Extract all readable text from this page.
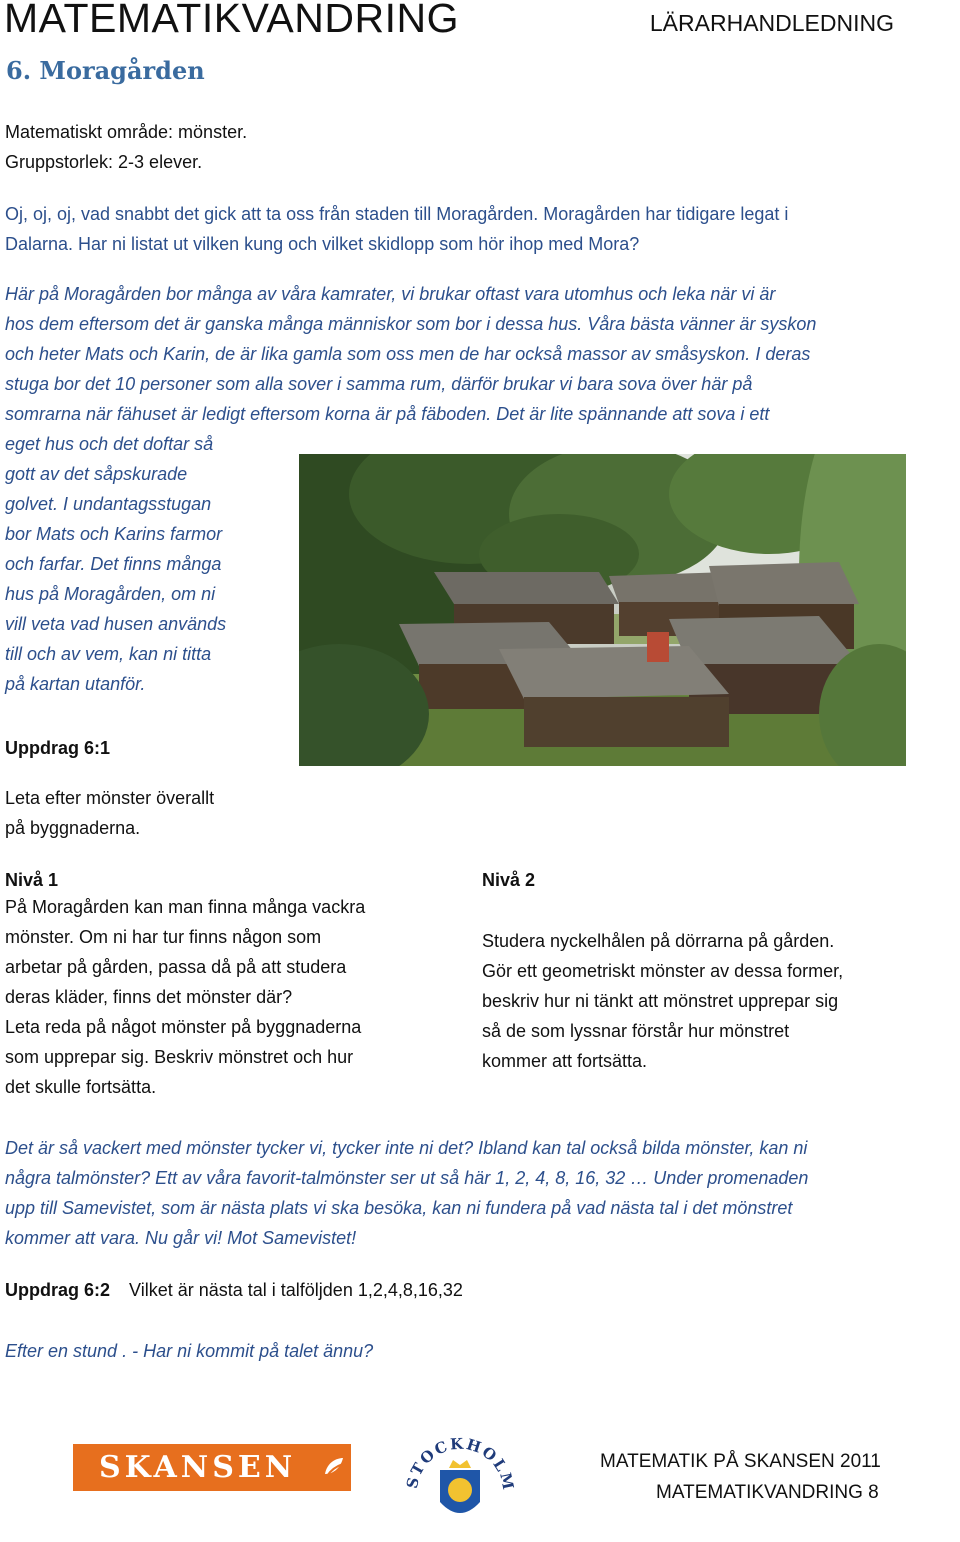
MATEMATIKVANDRING	LÄRARHANDLEDNING
6. Moragården

Matematiskt område: mönster.

Gruppstorlek: 2-3 elever.

Oj, oj, oj, vad snabbt det gick att ta oss från staden till Moragården. Moragården har tidigare legat i

Dalarna. Har ni listat ut vilken kung och vilket skidlopp som hör ihop med Mora?

Här på Moragården bor många av våra kamrater, vi brukar oftast vara utomhus och leka när vi är

hos dem eftersom det är ganska många människor som bor i dessa hus. Våra bästa vänner är syskon

och heter Mats och Karin, de är lika gamla som oss men de har också massor av småsyskon. I deras

stuga bor det 10 personer som alla sover i samma rum, därför brukar vi bara sova över här på

somrarna när fähuset är ledigt eftersom korna är på fäboden. Det är lite spännande att sova i ett

eget hus och det doftar så

gott av det såpskurade

golvet. I undantagsstugan

bor Mats och Karins farmor

och farfar. Det finns många

hus på Moragården, om ni

vill veta vad husen används

till och av vem, kan ni titta

på kartan utanför.

Uppdrag 6:1

Leta efter mönster överallt

på byggnaderna.

Nivå 1

På Moragården kan man finna många vackra

mönster. Om ni har tur finns någon som

arbetar på gården, passa då på att studera

deras kläder, finns det mönster där?

Leta reda på något mönster på byggnaderna

som upprepar sig. Beskriv mönstret och hur

det skulle fortsätta.

Nivå 2

Studera nyckelhålen på dörrarna på gården.

Gör ett geometriskt mönster av dessa former,

beskriv hur ni tänkt att mönstret upprepar sig

så de som lyssnar förstår hur mönstret

kommer att fortsätta.

Det är så vackert med mönster tycker vi, tycker inte ni det? Ibland kan tal också bilda mönster, kan ni

några talmönster? Ett av våra favorit-talmönster ser ut så här 1, 2, 4, 8, 16, 32 … Under promenaden

upp till Samevistet, som är nästa plats vi ska besöka, kan ni fundera på vad nästa tal i det mönstret

kommer att vara. Nu går vi! Mot Samevistet!

Uppdrag 6:2 Vilket är nästa tal i talföljden 1,2,4,8,16,32
Efter en stund . - Har ni kommit på talet ännu?
SKANSEN	TOCKHOL	MATEMATIK PÅ SKANSEN 2011

MATEMATIKVANDRING 8
